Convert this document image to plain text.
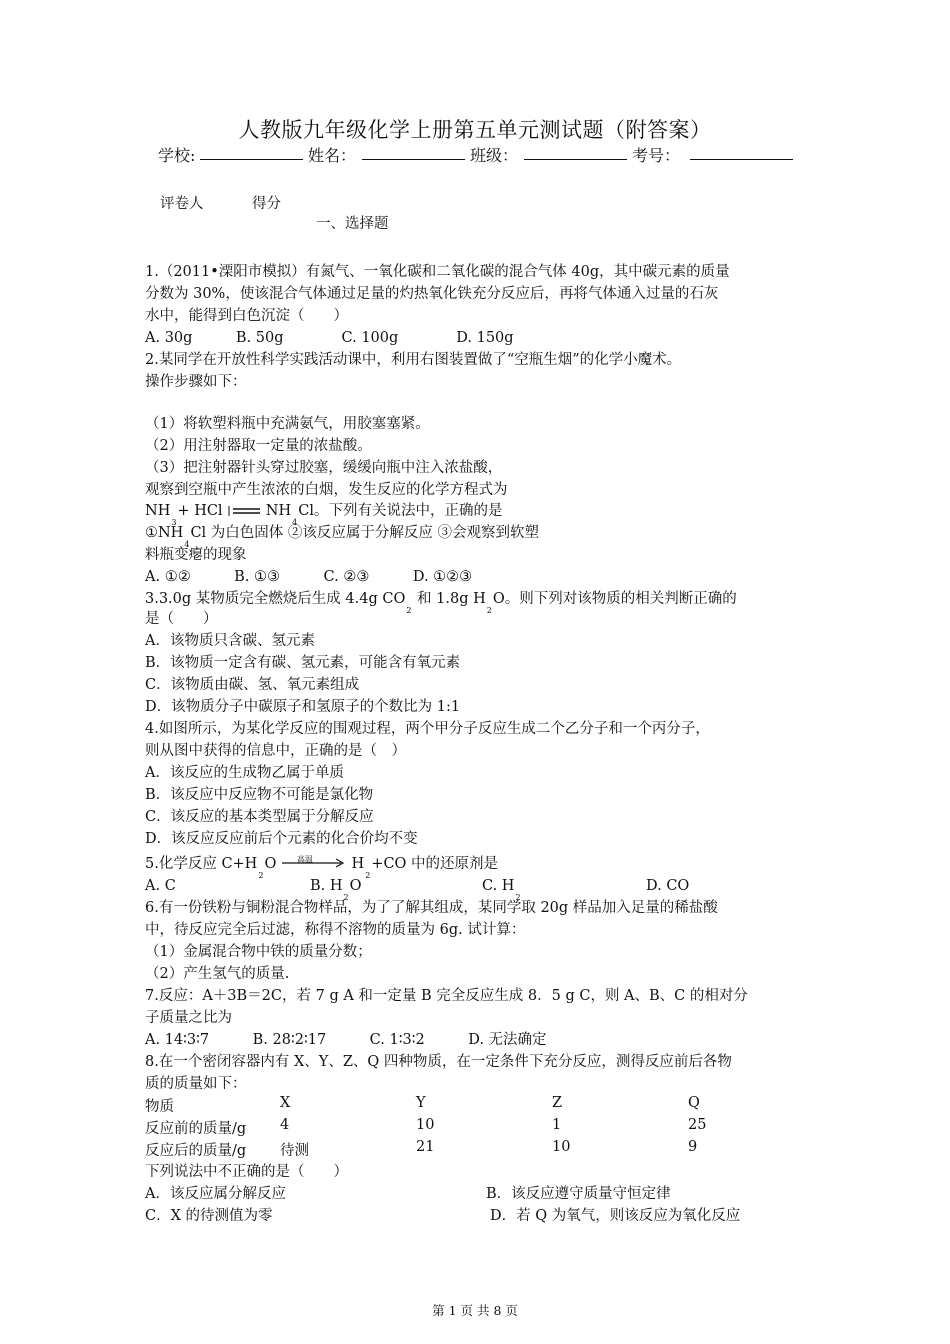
人教版九年级化学上册第五单元测试题（附答案）
学校:	姓名：	班级：	考号：
评卷人	得分
一、选择题
1.（2011•溧阳市模拟）有氮气、一氧化碳和二氧化碳的混合气体 40g，其中碳元素的质量
分数为 30%，使该混合气体通过足量的灼热氧化铁充分反应后，再将气体通入过量的石灰
水中，能得到白色沉淀（　　）
A. 30g　　　B. 50g　　　　C. 100g　　　　D. 150g
2.某同学在开放性科学实践活动课中，利用右图装置做了“空瓶生烟”的化学小魔术。
操作步骤如下：
（1）将软塑料瓶中充满氨气，用胶塞塞紧。
（2）用注射器取一定量的浓盐酸。
（3）把注射器针头穿过胶塞，缓缓向瓶中注入浓盐酸，
观察到空瓶中产生浓浓的白烟，发生反应的化学方程式为
$NH_3+$ HCl	$NH_4Cl$。下列有关说法中，正确的是
$①NH_4Cl$ 为白色固体 ②该反应属于分解反应 ③会观察到软塑
料瓶变瘪的现象
A. ①②　　　B. ①③　　　C. ②③　　　D. ①②③
3.3.0g 某物质完全燃烧后生成 4.4g $CO_2$ 和 1.8g $H_2O$。则下列对该物质的相关判断正确的
是（　　）
A．该物质只含碳、氢元素
B．该物质一定含有碳、氢元素，可能含有氧元素
C．该物质由碳、氢、氧元素组成
D．该物质分子中碳原子和氢原子的个数比为 1:1
4.如图所示，为某化学反应的围观过程，两个甲分子反应生成二个乙分子和一个丙分子，
则从图中获得的信息中，正确的是（　）
A．该反应的生成物乙属于单质
B．该反应中反应物不可能是氯化物
C．该反应的基本类型属于分解反应
D．该反应反应前后个元素的化合价均不变
5.化学反应 $C+H_2O$	高温	$H_2+CO$ 中的还原剂是
A. C	B. $H_2O$	C. $H_2$
D. CO
6.有一份铁粉与铜粉混合物样品，为了了解其组成，某同学取 20g 样品加入足量的稀盐酸
中，待反应完全后过滤，称得不溶物的质量为 6g. 试计算：
（1）金属混合物中铁的质量分数；
（2）产生氢气的质量.
7.反应：A＋3B＝2C，若 7 g A 和一定量 B 完全反应生成 8．5 g C，则 A、B、C 的相对分
子质量之比为
A. 14∶3∶7　　　B. 28∶2∶17　　　C. 1∶3∶2　　　D. 无法确定
8.在一个密闭容器内有 X、Y、Z、Q 四种物质，在一定条件下充分反应，测得反应前后各物
质的质量如下：
物质	X	Y	Z	Q
反应前的质量/g 4	10	1	25
反应后的质量/g 待测	21	10	9
下列说法中不正确的是（　　）
A．该反应属分解反应	B．该反应遵守质量守恒定律
C．X 的待测值为零	D．若 Q 为氧气，则该反应为氧化反应
第 1 页 共 8 页
